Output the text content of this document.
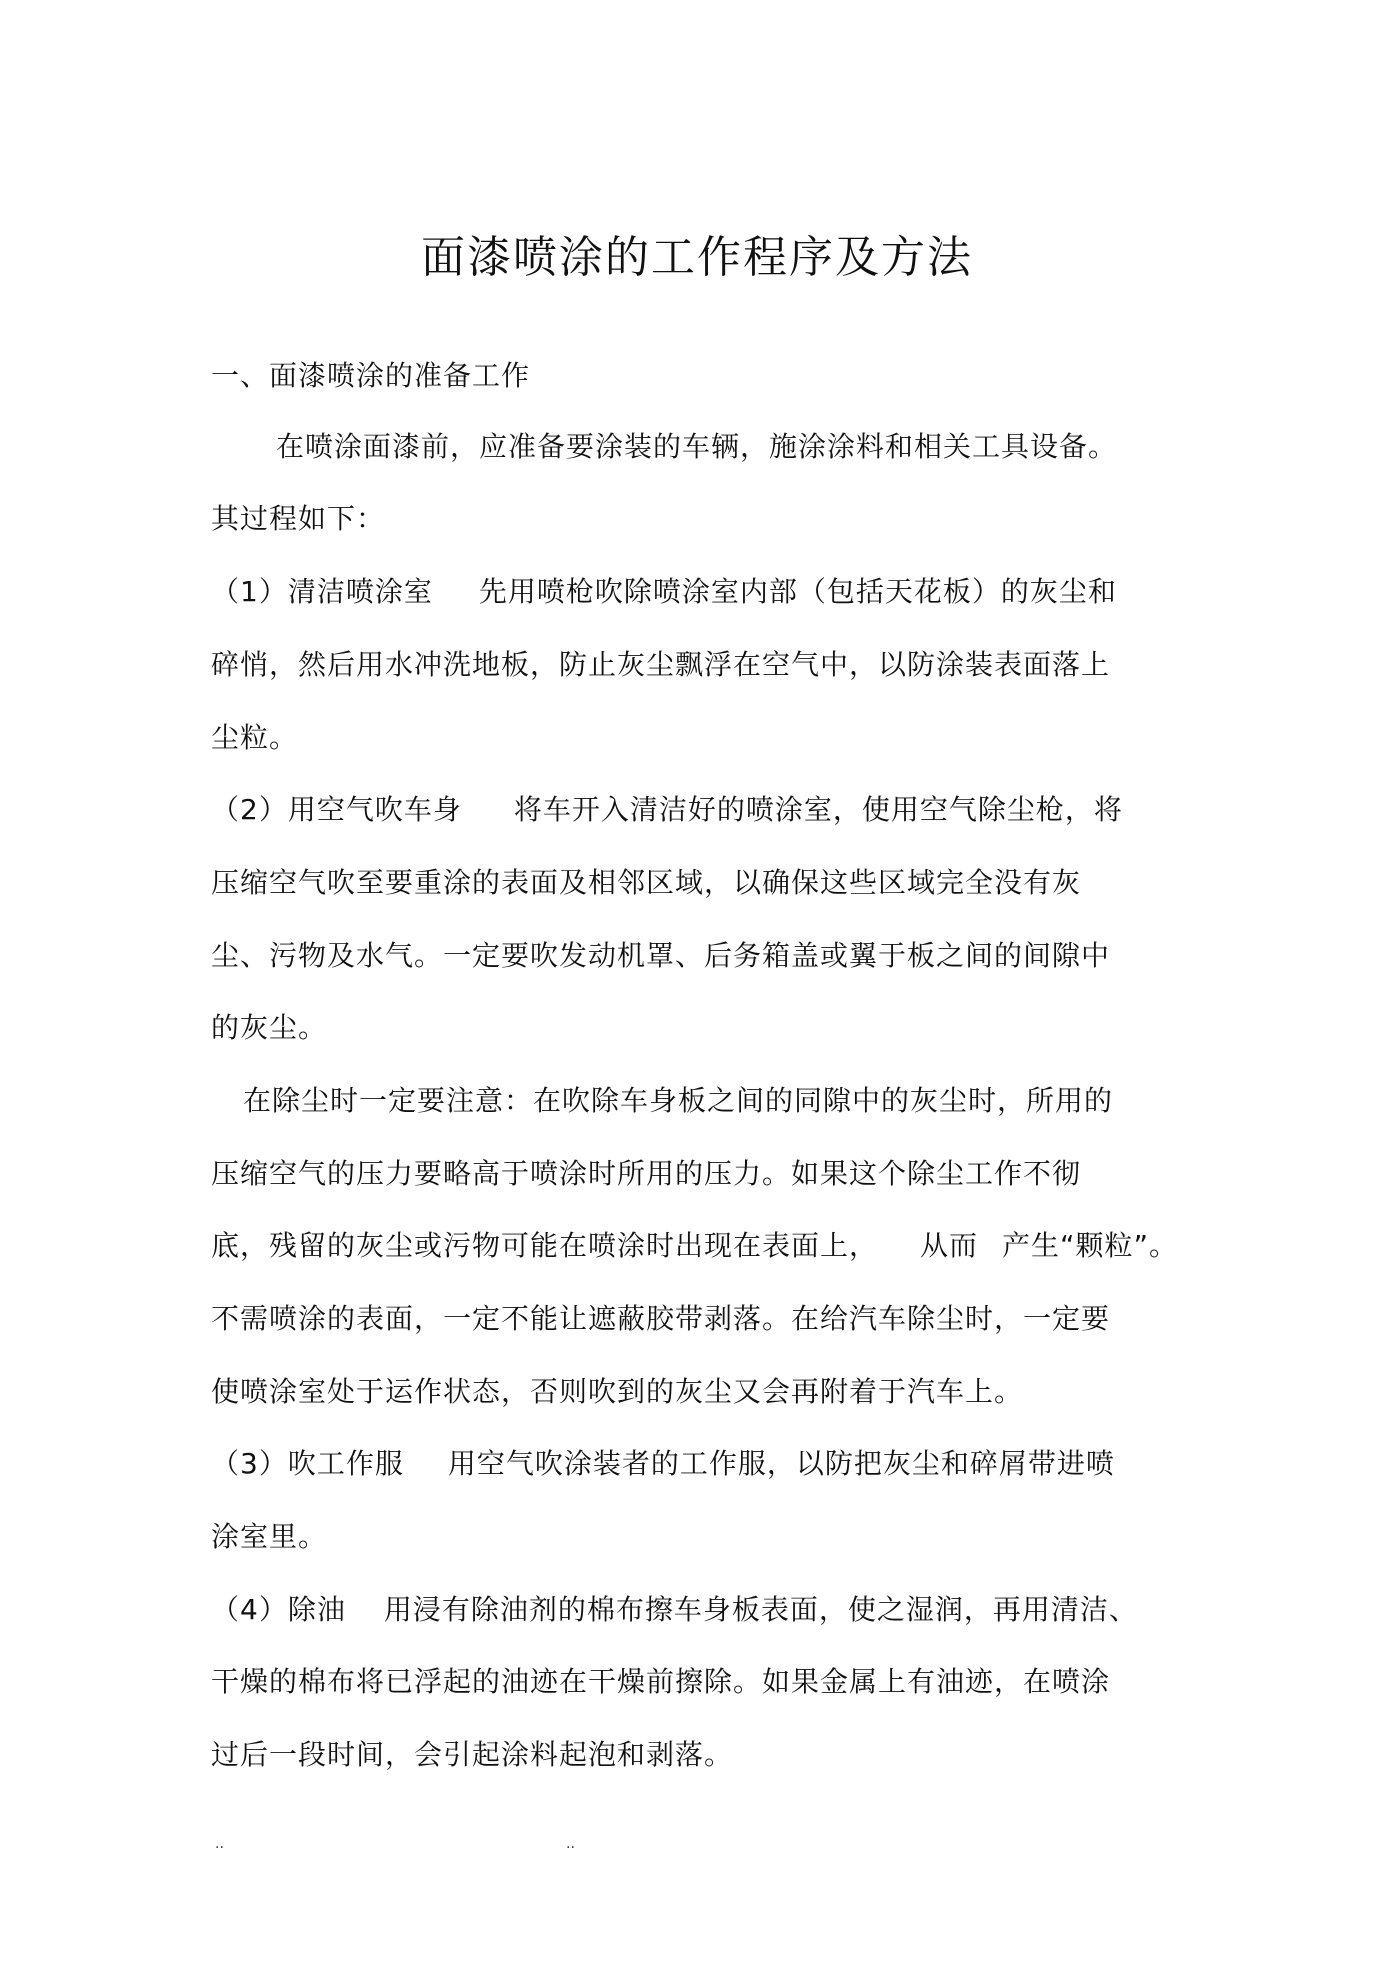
面漆喷涂的工作程序及方法
一、面漆喷涂的准备工作
在喷涂面漆前，应准备要涂装的车辆，施涂涂料和相关工具设备。
其过程如下：
（1）清洁喷涂室 先用喷枪吹除喷涂室内部（包括天花板）的灰尘和
碎悄，然后用水冲洗地板，防止灰尘飘浮在空气中，以防涂装表面落上
尘粒。
（2）用空气吹车身 将车开入清洁好的喷涂室，使用空气除尘枪，将
压缩空气吹至要重涂的表面及相邻区域，以确保这些区域完全没有灰
尘、污物及水气。一定要吹发动机罩、后务箱盖或翼于板之间的间隙中
的灰尘。
在除尘时一定要注意：在吹除车身板之间的同隙中的灰尘时，所用的
压缩空气的压力要略高于喷涂时所用的压力。如果这个除尘工作不彻
底，残留的灰尘或污物可能在喷涂时出现在表面上， 从而 产生“颗粒”。
不需喷涂的表面，一定不能让遮蔽胶带剥落。在给汽车除尘时，一定要
使喷涂室处于运作状态，否则吹到的灰尘又会再附着于汽车上。
（3）吹工作服 用空气吹涂装者的工作服，以防把灰尘和碎屑带进喷
涂室里。
（4）除油 用浸有除油剂的棉布擦车身板表面，使之湿润，再用清洁、
干燥的棉布将已浮起的油迹在干燥前擦除。如果金属上有油迹，在喷涂
过后一段时间，会引起涂料起泡和剥落。
..	..
